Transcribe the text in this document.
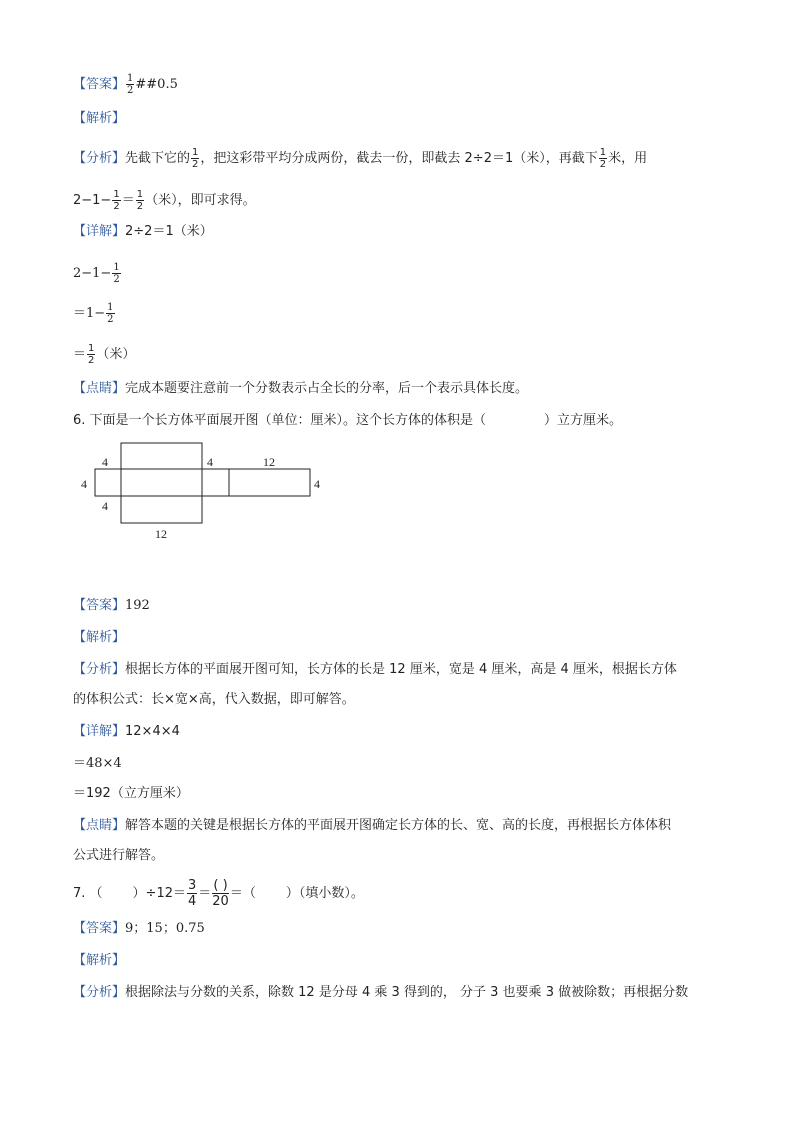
【答案】 $\frac{1}{2}$ ##0.5
【解析】
【分析】先截下它的 $\frac{1}{2}$ ，把这彩带平均分成两份，截去一份，即截去 2÷2＝1（米），再截下 $\frac{1}{2}$ 米，用
$2-1- \frac{1}{2} = \frac{1}{2}$ （米），即可求得。
【详解】2÷2＝1（米）
$2-1- \frac{1}{2}$
$=1- \frac{1}{2}$
＝ $\frac{1}{2}$ （米）
【点睛】完成本题要注意前一个分数表示占全长的分率，后一个表示具体长度。
6. 下面是一个长方体平面展开图（单位：厘米）。这个长方体的体积是（	）立方厘米。
4
4
4	12
4
4
12
【答案】192
【解析】
【分析】根据长方体的平面展开图可知，长方体的长是 12 厘米，宽是 4 厘米，高是 4 厘米，根据长方体
的体积公式：长×宽×高，代入数据，即可解答。
【详解】12×4×4
＝48×4
＝192（立方厘米）
【点睛】解答本题的关键是根据长方体的平面展开图确定长方体的长、宽、高的长度，再根据长方体体积
公式进行解答。
7. （ ）$\div 12= \frac{3}{4} = \frac{( )}{20}$ ＝（ ）（填小数）。
【答案】9；15；0.75
【解析】
【分析】根据除法与分数的关系，除数 12 是分母 4 乘 3 得到的， 分子 3 也要乘 3 做被除数；再根据分数
